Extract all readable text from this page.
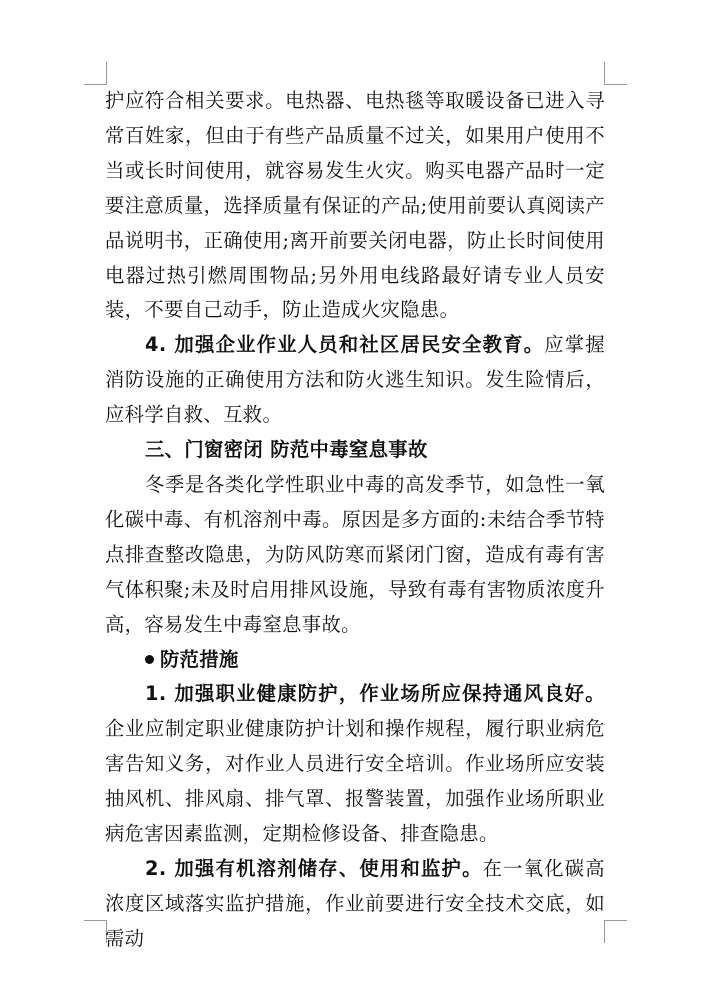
护应符合相关要求。电热器、电热毯等取暖设备已进入寻常百姓家，但由于有些产品质量不过关，如果用户使用不当或长时间使用，就容易发生火灾。购买电器产品时一定要注意质量，选择质量有保证的产品;使用前要认真阅读产品说明书，正确使用;离开前要关闭电器，防止长时间使用电器过热引燃周围物品;另外用电线路最好请专业人员安装，不要自己动手，防止造成火灾隐患。

4. 加强企业作业人员和社区居民安全教育。应掌握消防设施的正确使用方法和防火逃生知识。发生险情后，应科学自救、互救。

三、门窗密闭 防范中毒窒息事故

冬季是各类化学性职业中毒的高发季节，如急性一氧化碳中毒、有机溶剂中毒。原因是多方面的:未结合季节特点排查整改隐患，为防风防寒而紧闭门窗，造成有毒有害气体积聚;未及时启用排风设施，导致有毒有害物质浓度升高，容易发生中毒窒息事故。

防范措施

1. 加强职业健康防护，作业场所应保持通风良好。企业应制定职业健康防护计划和操作规程，履行职业病危害告知义务，对作业人员进行安全培训。作业场所应安装抽风机、排风扇、排气罩、报警装置，加强作业场所职业病危害因素监测，定期检修设备、排查隐患。

2. 加强有机溶剂储存、使用和监护。在一氧化碳高浓度区域落实监护措施，作业前要进行安全技术交底，如需动
